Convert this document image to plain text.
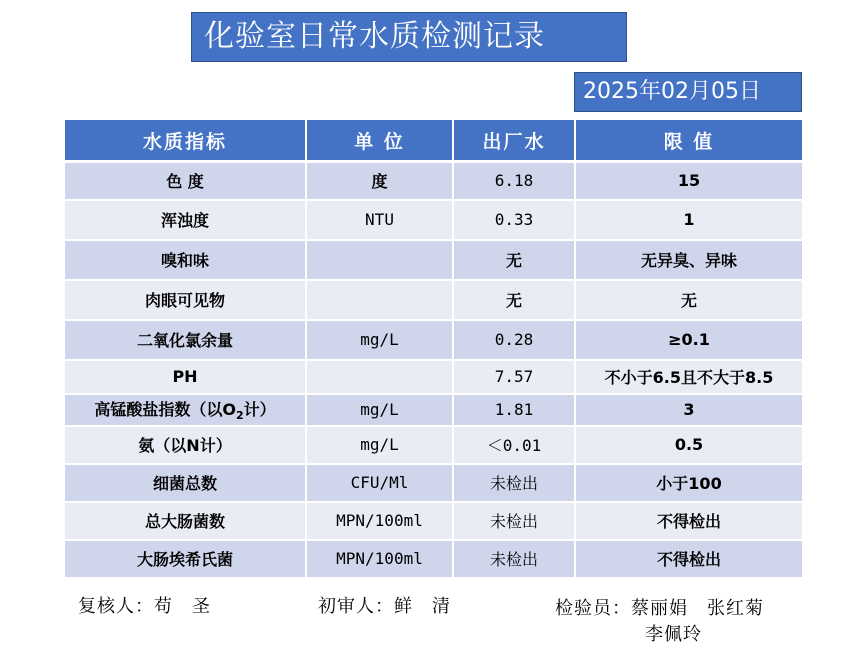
化验室日常水质检测记录
2025年02月05日
水质指标	单 位	出厂水	限 值
色 度	度	6.18	15
浑浊度	NTU	0.33	1
嗅和味		无	无异臭、异味
肉眼可见物		无	无
二氧化氯余量	mg/L	0.28	≥0.1
PH		7.57	不小于6.5且不大于8.5
高锰酸盐指数（以$O_2$计）	mg/L	1.81	3
氨（以N计）	mg/L	＜0.01	0.5
细菌总数	CFU/Ml	未检出	小于100
总大肠菌数	MPN/100ml	未检出	不得检出
大肠埃希氏菌	MPN/100ml	未检出	不得检出
复核人：苟　圣	初审人：鲜　清	检验员：蔡丽娟　张红菊
李佩玲
